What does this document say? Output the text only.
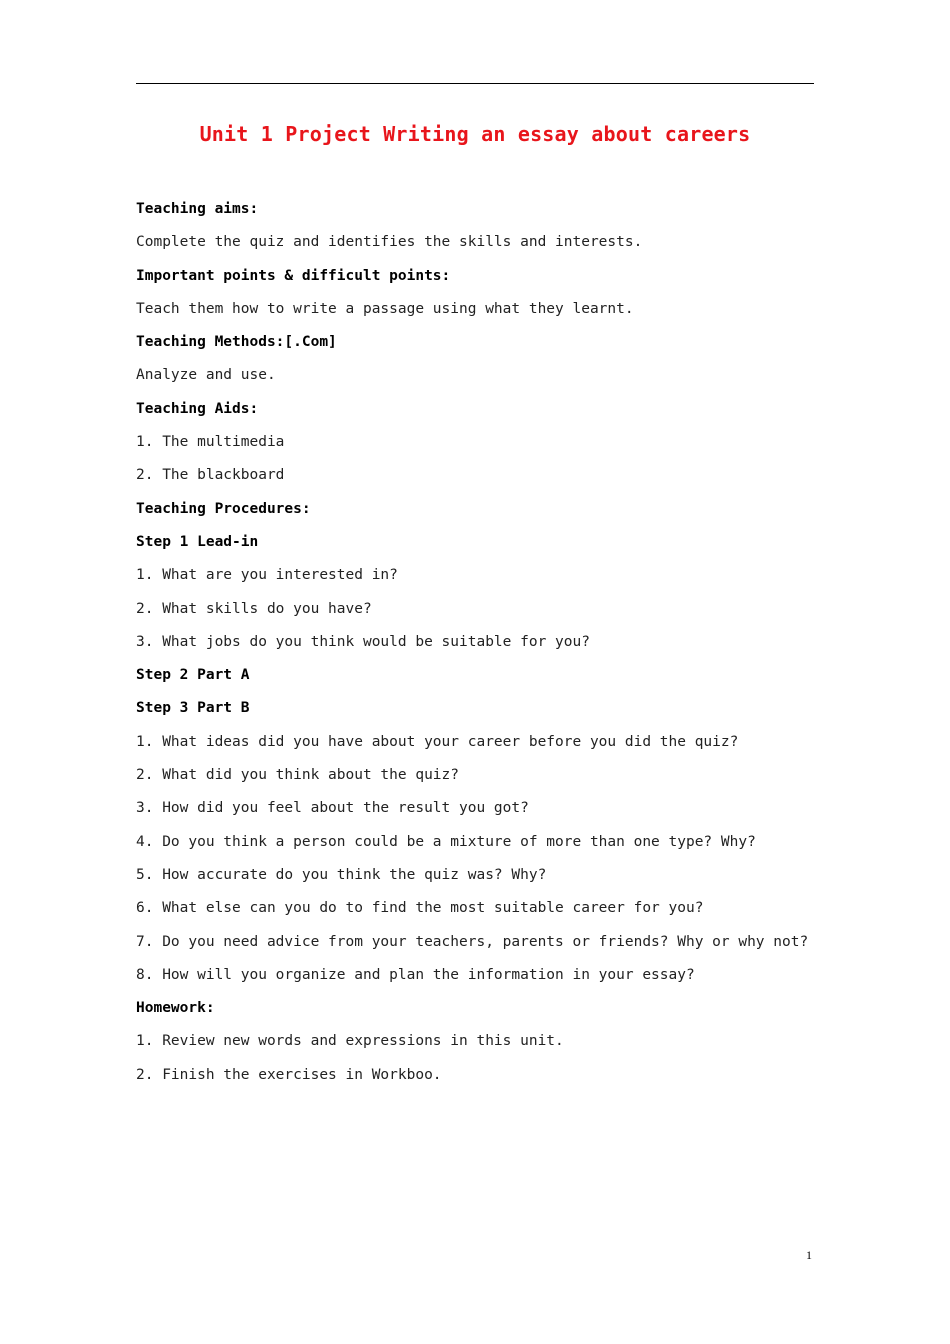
Unit 1 Project Writing an essay about careers
Teaching aims:
Complete the quiz and identifies the skills and interests.
Important points & difficult points:
Teach them how to write a passage using what they learnt.
Teaching Methods:[.Com]
Analyze and use.
Teaching Aids:
1. The multimedia
2. The blackboard
Teaching Procedures:
Step 1 Lead-in
1. What are you interested in?
2. What skills do you have?
3. What jobs do you think would be suitable for you?
Step 2 Part A
Step 3 Part B
1. What ideas did you have about your career before you did the quiz?
2. What did you think about the quiz?
3. How did you feel about the result you got?
4. Do you think a person could be a mixture of more than one type? Why?
5. How accurate do you think the quiz was? Why?
6. What else can you do to find the most suitable career for you?
7. Do you need advice from your teachers, parents or friends? Why or why not?
8. How will you organize and plan the information in your essay?
Homework:
1. Review new words and expressions in this unit.
2. Finish the exercises in Workboo.
1
